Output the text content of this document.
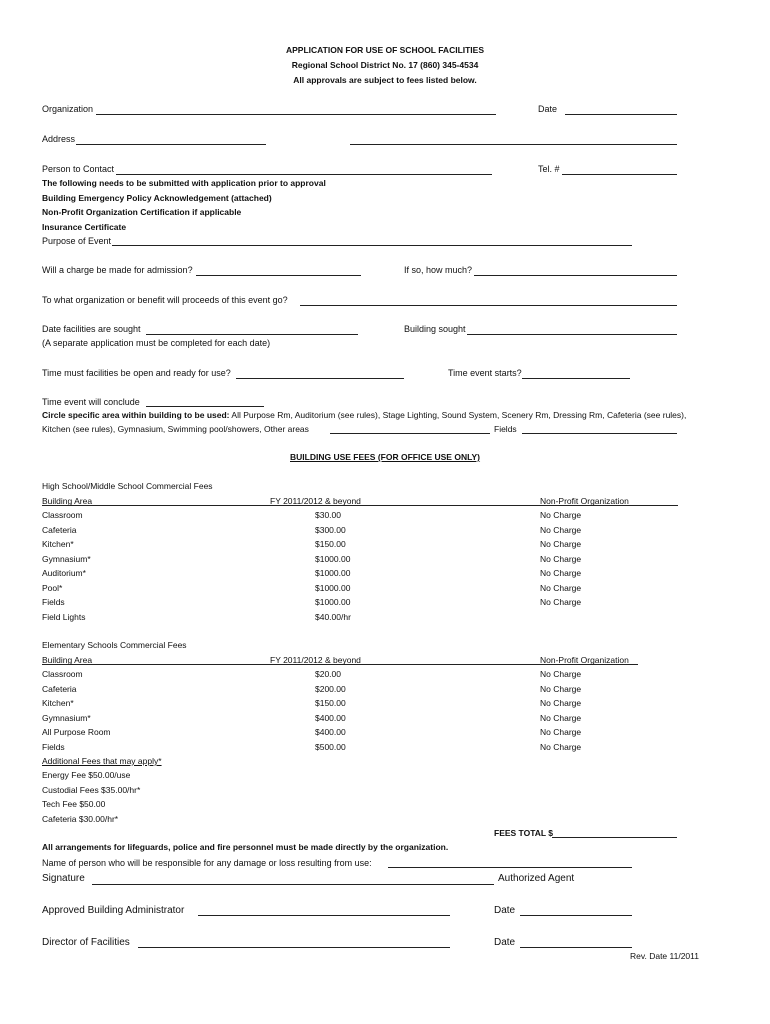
APPLICATION FOR USE OF SCHOOL FACILITIES
Regional School District No. 17 (860) 345-4534
All approvals are subject to fees listed below.
Organization	Date
Address
Person to Contact	Tel. #
The following needs to be submitted with application prior to approval
Building Emergency Policy Acknowledgement (attached)
Non-Profit Organization Certification if applicable
Insurance Certificate
Purpose of Event
Will a charge be made for admission?	If so, how much?
To what organization or benefit will proceeds of this event go?
Date facilities are sought	Building sought
(A separate application must be completed for each date)
Time must facilities be open and ready for use?	Time event starts?
Time event will conclude
Circle specific area within building to be used: All Purpose Rm, Auditorium (see rules), Stage Lighting, Sound System, Scenery Rm, Dressing Rm, Cafeteria (see rules),
Kitchen (see rules), Gymnasium, Swimming pool/showers, Other areas	Fields
BUILDING USE FEES (FOR OFFICE USE ONLY)
High School/Middle School Commercial Fees
Building Area	FY 2011/2012 & beyond	Non-Profit Organization
Classroom	$30.00	No Charge
Cafeteria	$300.00	No Charge
Kitchen*	$150.00	No Charge
Gymnasium*	$1000.00	No Charge
Auditorium*	$1000.00	No Charge
Pool*	$1000.00	No Charge
Fields	$1000.00	No Charge
Field Lights	$40.00/hr
Elementary Schools Commercial Fees
Building Area	FY 2011/2012 & beyond	Non-Profit Organization
Classroom	$20.00	No Charge
Cafeteria	$200.00	No Charge
Kitchen*	$150.00	No Charge
Gymnasium*	$400.00	No Charge
All Purpose Room	$400.00	No Charge
Fields	$500.00	No Charge
Additional Fees that may apply*
Energy Fee $50.00/use
Custodial Fees $35.00/hr*
Tech Fee $50.00
Cafeteria $30.00/hr*
FEES TOTAL $
All arrangements for lifeguards, police and fire personnel must be made directly by the organization.
Name of person who will be responsible for any damage or loss resulting from use:
Signature	Authorized Agent
Approved Building Administrator	Date
Director of Facilities	Date
Rev. Date 11/2011
